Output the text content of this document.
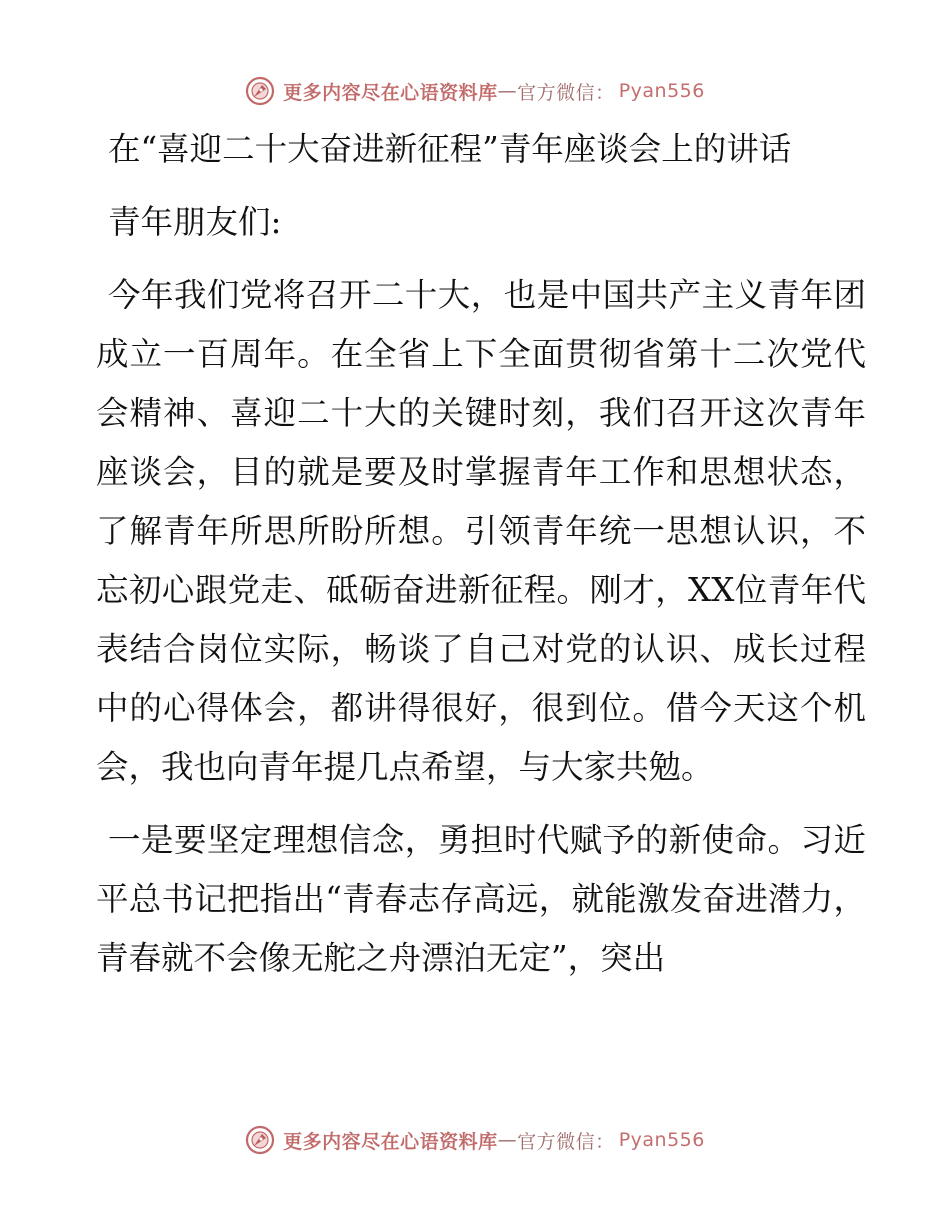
更多内容尽在心语资料库 — 官方微信 ： Pyan556

在“喜迎二十大奋进新征程”青年座谈会上的讲话

青年朋友们:

今年我们党将召开二十大，也是中国共产主义青年团成立一百周年。在全省上下全面贯彻省第十二次党代会精神、喜迎二十大的关键时刻，我们召开这次青年座谈会，目的就是要及时掌握青年工作和思想状态，了解青年所思所盼所想。引领青年统一思想认识，不忘初心跟党走、砥砺奋进新征程。刚才，XX位青年代表结合岗位实际，畅谈了自己对党的认识、成长过程中的心得体会，都讲得很好，很到位。借今天这个机会，我也向青年提几点希望，与大家共勉。

一是要坚定理想信念，勇担时代赋予的新使命。习近平总书记把指出“青春志存高远，就能激发奋进潜力，青春就不会像无舵之舟漂泊无定”，突出

更多内容尽在心语资料库 — 官方微信 ： Pyan556
